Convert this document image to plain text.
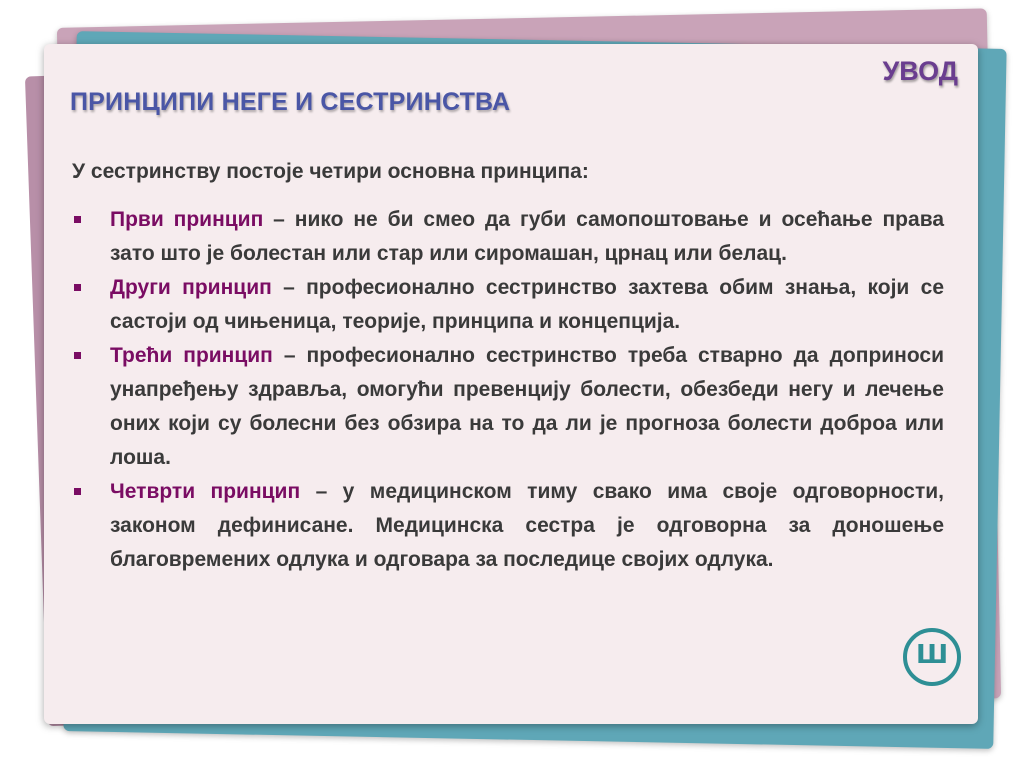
УВОД
ПРИНЦИПИ НЕГЕ И СЕСТРИНСТВА
У сестринству постоје четири основна принципа:
Први принцип – нико не би смео да губи самопоштовање и осећање права зато што је болестан или стар или сиромашан, црнац или белац.
Други принцип – професионално сестринство захтева обим знања, који се састоји од чињеница, теорије, принципа и концепција.
Трећи принцип – професионално сестринство треба стварно да доприноси унапређењу здравља, омогући превенцију болести, обезбеди негу и лечење оних који су болесни без обзира на то да ли је прогноза болести доброа или лоша.
Четврти принцип – у медицинском тиму свако има своје одговорности, законом дефинисане. Медицинска сестра је одговорна за доношење благовремених одлука и одговара за последице својих одлука.
Ш
